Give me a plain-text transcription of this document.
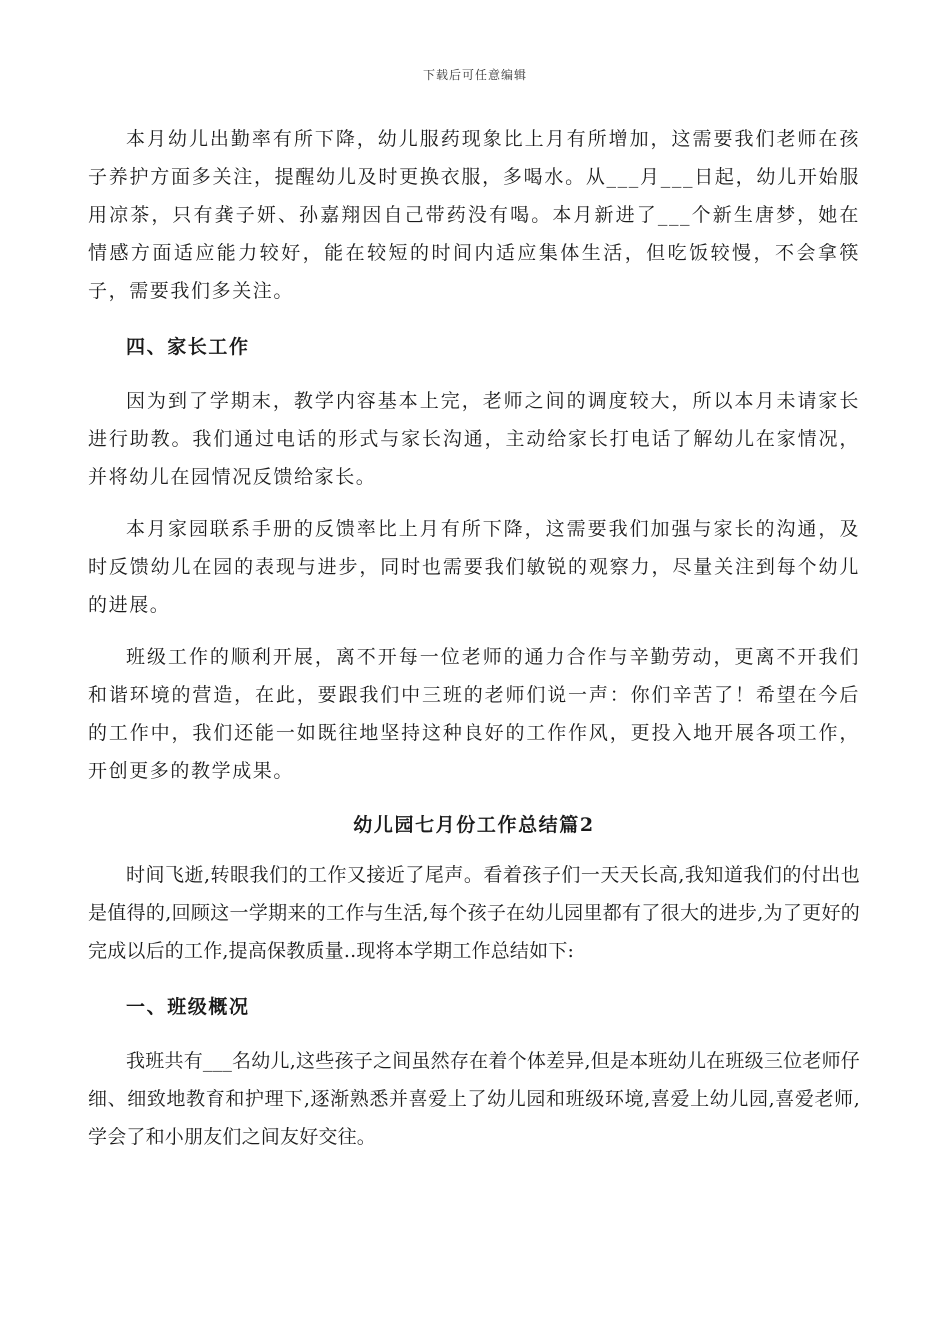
下载后可任意编辑

本月幼儿出勤率有所下降，幼儿服药现象比上月有所增加，这需要我们老师在孩子养护方面多关注，提醒幼儿及时更换衣服，多喝水。从___月___日起，幼儿开始服用凉茶，只有龚子妍、孙嘉翔因自己带药没有喝。本月新进了___个新生唐梦，她在情感方面适应能力较好，能在较短的时间内适应集体生活，但吃饭较慢，不会拿筷子，需要我们多关注。

四、家长工作

因为到了学期末，教学内容基本上完，老师之间的调度较大，所以本月未请家长进行助教。我们通过电话的形式与家长沟通，主动给家长打电话了解幼儿在家情况，并将幼儿在园情况反馈给家长。

本月家园联系手册的反馈率比上月有所下降，这需要我们加强与家长的沟通，及时反馈幼儿在园的表现与进步，同时也需要我们敏锐的观察力，尽量关注到每个幼儿的进展。

班级工作的顺利开展，离不开每一位老师的通力合作与辛勤劳动，更离不开我们和谐环境的营造，在此，要跟我们中三班的老师们说一声：你们辛苦了！希望在今后的工作中，我们还能一如既往地坚持这种良好的工作作风，更投入地开展各项工作，开创更多的教学成果。

幼儿园七月份工作总结篇2

时间飞逝,转眼我们的工作又接近了尾声。看着孩子们一天天长高,我知道我们的付出也是值得的,回顾这一学期来的工作与生活,每个孩子在幼儿园里都有了很大的进步,为了更好的完成以后的工作,提高保教质量..现将本学期工作总结如下:

一、班级概况

我班共有___名幼儿,这些孩子之间虽然存在着个体差异,但是本班幼儿在班级三位老师仔细、细致地教育和护理下,逐渐熟悉并喜爱上了幼儿园和班级环境,喜爱上幼儿园,喜爱老师,学会了和小朋友们之间友好交往。
